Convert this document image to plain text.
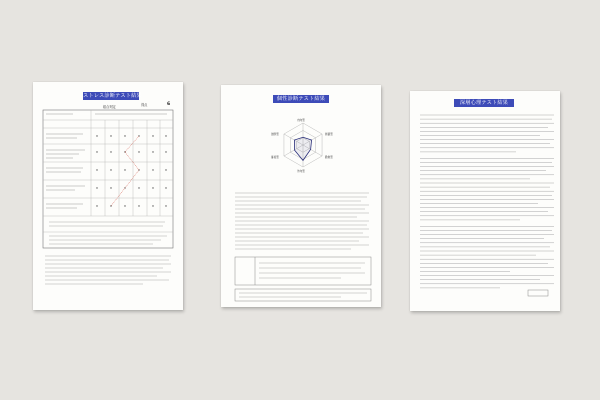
ストレス診断テスト結果
総合判定	得点	6
個性診断テスト結果
内向型
価値型
勤勉型
外向型
審美型
独断型
深層心理テスト結果
